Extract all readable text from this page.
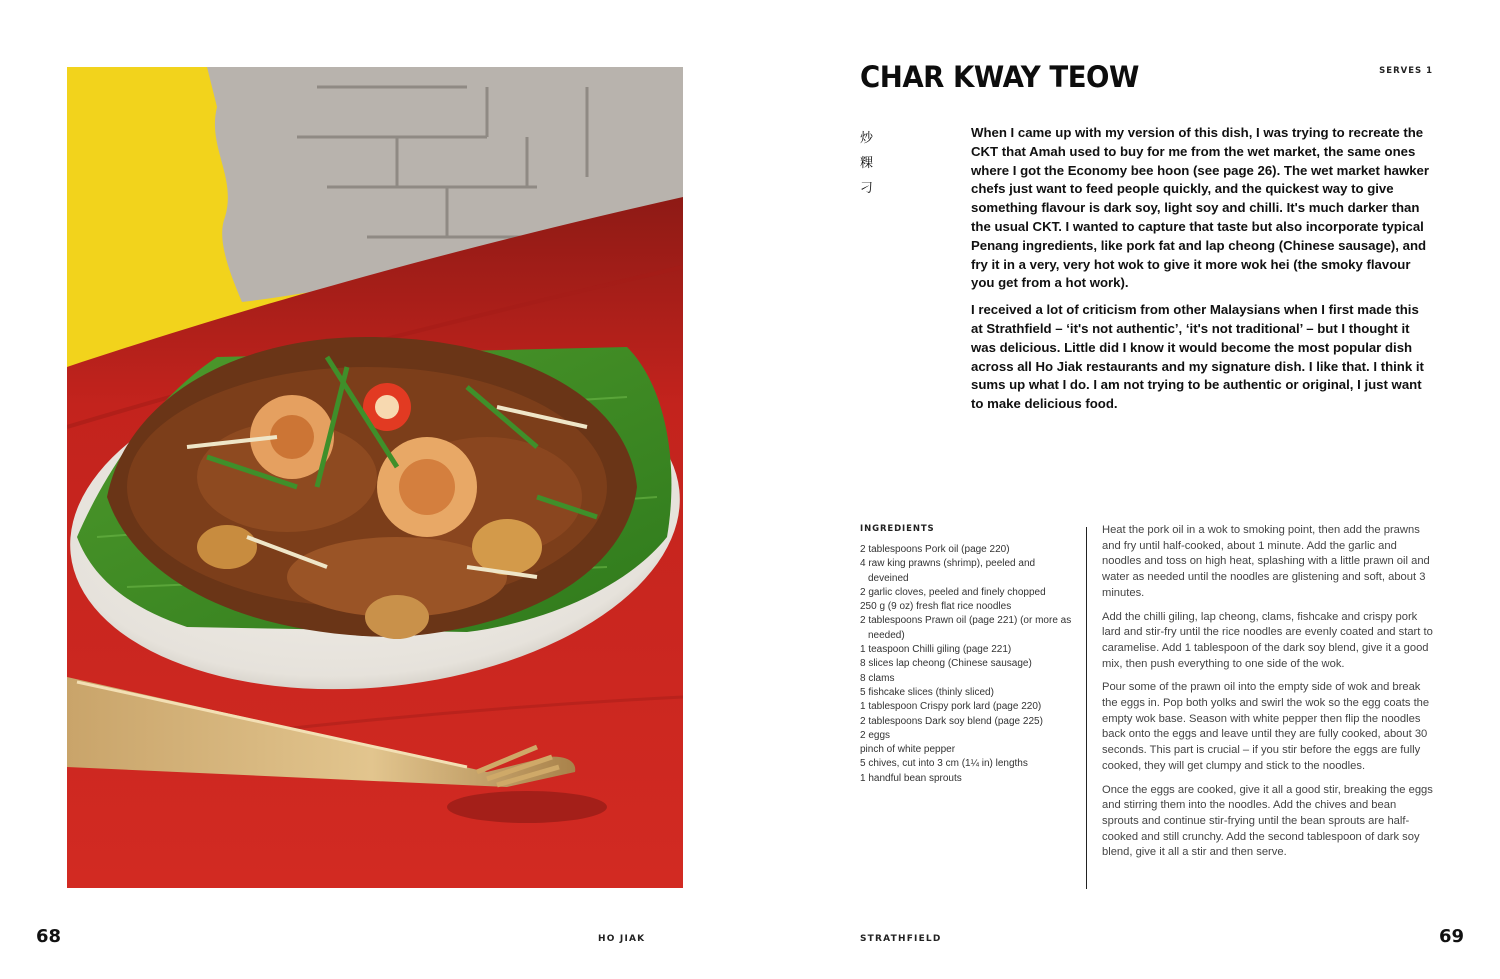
68	HO JIAK	STRATHFIELD	69
CHAR KWAY TEOW	SERVES 1
炒
粿
刁

When I came up with my version of this dish, I was trying to recreate the CKT that Amah used to buy for me from the wet market, the same ones where I got the Economy bee hoon (see page 26). The wet market hawker chefs just want to feed people quickly, and the quickest way to give something flavour is dark soy, light soy and chilli. It's much darker than the usual CKT. I wanted to capture that taste but also incorporate typical Penang ingredients, like pork fat and lap cheong (Chinese sausage), and fry it in a very, very hot wok to give it more wok hei (the smoky flavour you get from a hot work).

I received a lot of criticism from other Malaysians when I first made this at Strathfield – ‘it's not authentic’, ‘it's not traditional’ – but I thought it was delicious. Little did I know it would become the most popular dish across all Ho Jiak restaurants and my signature dish. I like that. I think it sums up what I do. I am not trying to be authentic or original, I just want to make delicious food.

INGREDIENTS
2 tablespoons Pork oil (page 220)
4 raw king prawns (shrimp), peeled and deveined
2 garlic cloves, peeled and finely chopped
250 g (9 oz) fresh flat rice noodles
2 tablespoons Prawn oil (page 221) (or more as needed)
1 teaspoon Chilli giling (page 221)
8 slices lap cheong (Chinese sausage)
8 clams
5 fishcake slices (thinly sliced)
1 tablespoon Crispy pork lard (page 220)
2 tablespoons Dark soy blend (page 225)
2 eggs
pinch of white pepper
5 chives, cut into 3 cm (1¼ in) lengths
1 handful bean sprouts

Heat the pork oil in a wok to smoking point, then add the prawns and fry until half-cooked, about 1 minute. Add the garlic and noodles and toss on high heat, splashing with a little prawn oil and water as needed until the noodles are glistening and soft, about 3 minutes.

Add the chilli giling, lap cheong, clams, fishcake and crispy pork lard and stir-fry until the rice noodles are evenly coated and start to caramelise. Add 1 tablespoon of the dark soy blend, give it a good mix, then push everything to one side of the wok.

Pour some of the prawn oil into the empty side of wok and break the eggs in. Pop both yolks and swirl the wok so the egg coats the empty wok base. Season with white pepper then flip the noodles back onto the eggs and leave until they are fully cooked, about 30 seconds. This part is crucial – if you stir before the eggs are fully cooked, they will get clumpy and stick to the noodles.

Once the eggs are cooked, give it all a good stir, breaking the eggs and stirring them into the noodles. Add the chives and bean sprouts and continue stir-frying until the bean sprouts are half-cooked and still crunchy. Add the second tablespoon of dark soy blend, give it all a stir and then serve.
